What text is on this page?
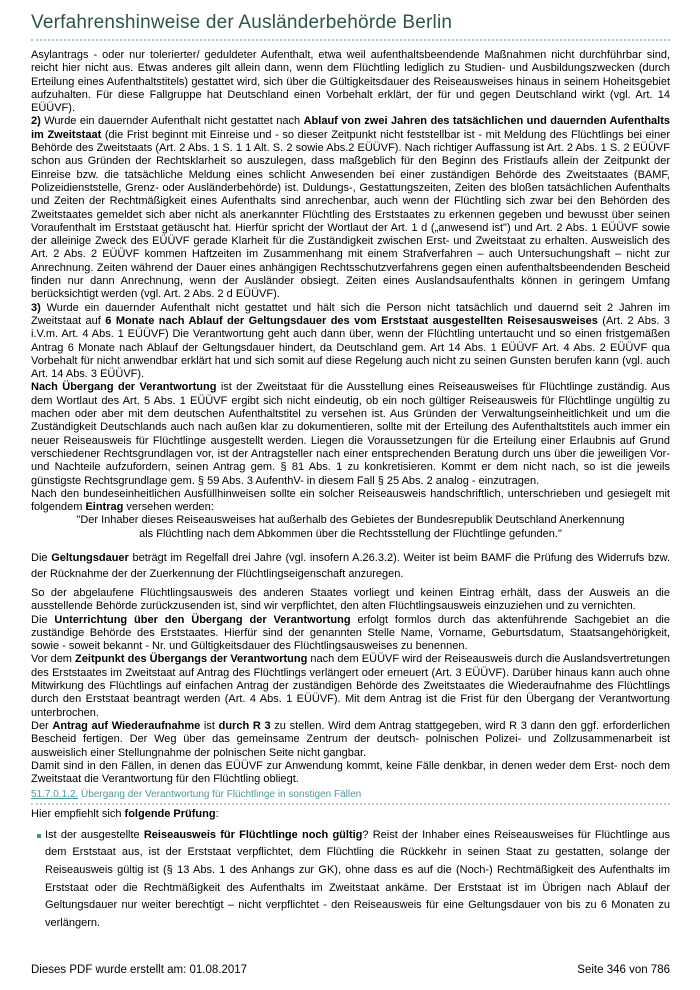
Verfahrenshinweise der Ausländerbehörde Berlin

Asylantrags - oder nur tolerierter/ geduldeter Aufenthalt, etwa weil aufenthaltsbeendende Maßnahmen nicht durchführbar sind, reicht hier nicht aus. Etwas anderes gilt allein dann, wenn dem Flüchtling lediglich zu Studien- und Ausbildungszwecken (durch Erteilung eines Aufenthaltstitels) gestattet wird, sich über die Gültigkeitsdauer des Reiseausweises hinaus in seinem Hoheitsgebiet aufzuhalten. Für diese Fallgruppe hat Deutschland einen Vorbehalt erklärt, der für und gegen Deutschland wirkt (vgl. Art. 14 EÜÜVF).

2) Wurde ein dauernder Aufenthalt nicht gestattet nach Ablauf von zwei Jahren des tatsächlichen und dauernden Aufenthalts im Zweitstaat (die Frist beginnt mit Einreise und - so dieser Zeitpunkt nicht feststellbar ist - mit Meldung des Flüchtlings bei einer Behörde des Zweitstaats (Art. 2 Abs. 1 S. 1 1 Alt. S. 2 sowie Abs.2 EÜÜVF). Nach richtiger Auffassung ist Art. 2 Abs. 1 S. 2 EÜÜVF schon aus Gründen der Rechtsklarheit so auszulegen, dass maßgeblich für den Beginn des Fristlaufs allein der Zeitpunkt der Einreise bzw. die tatsächliche Meldung eines schlicht Anwesenden bei einer zuständigen Behörde des Zweitstaates (BAMF, Polizeidienststelle, Grenz- oder Ausländerbehörde) ist. Duldungs-, Gestattungszeiten, Zeiten des bloßen tatsächlichen Aufenthalts und Zeiten der Rechtmäßigkeit eines Aufenthalts sind anrechenbar, auch wenn der Flüchtling sich zwar bei den Behörden des Zweitstaates gemeldet sich aber nicht als anerkannter Flüchtling des Erststaates zu erkennen gegeben und bewusst über seinen Voraufenthalt im Erststaat getäuscht hat. Hierfür spricht der Wortlaut der Art. 1 d („anwesend ist") und Art. 2 Abs. 1 EÜÜVF sowie der alleinige Zweck des EÜÜVF gerade Klarheit für die Zuständigkeit zwischen Erst- und Zweitstaat zu erhalten. Ausweislich des Art. 2 Abs. 2 EÜÜVF kommen Haftzeiten im Zusammenhang mit einem Strafverfahren – auch Untersuchungshaft – nicht zur Anrechnung. Zeiten während der Dauer eines anhängigen Rechtsschutzverfahrens gegen einen aufenthaltsbeendenden Bescheid finden nur dann Anrechnung, wenn der Ausländer obsiegt. Zeiten eines Auslandsaufenthalts können in geringem Umfang berücksichtigt werden (vgl. Art. 2 Abs. 2 d EÜÜVF).

3) Wurde ein dauernder Aufenthalt nicht gestattet und hält sich die Person nicht tatsächlich und dauernd seit 2 Jahren im Zweitstaat auf 6 Monate nach Ablauf der Geltungsdauer des vom Erststaat ausgestellten Reisesausweises (Art. 2 Abs. 3 i.V.m. Art. 4 Abs. 1 EÜÜVF) Die Verantwortung geht auch dann über, wenn der Flüchtling untertaucht und so einen fristgemäßen Antrag 6 Monate nach Ablauf der Geltungsdauer hindert, da Deutschland gem. Art 14 Abs. 1 EÜÜVF Art. 4 Abs. 2 EÜÜVF qua Vorbehalt für nicht anwendbar erklärt hat und sich somit auf diese Regelung auch nicht zu seinen Gunsten berufen kann (vgl. auch Art. 14 Abs. 3 EÜÜVF).

Nach Übergang der Verantwortung ist der Zweitstaat für die Ausstellung eines Reiseausweises für Flüchtlinge zuständig. Aus dem Wortlaut des Art. 5 Abs. 1 EÜÜVF ergibt sich nicht eindeutig, ob ein noch gültiger Reiseausweis für Flüchtlinge ungültig zu machen oder aber mit dem deutschen Aufenthaltstitel zu versehen ist. Aus Gründen der Verwaltungseinheitlichkeit und um die Zuständigkeit Deutschlands auch nach außen klar zu dokumentieren, sollte mit der Erteilung des Aufenthaltstitels auch immer ein neuer Reiseausweis für Flüchtlinge ausgestellt werden. Liegen die Voraussetzungen für die Erteilung einer Erlaubnis auf Grund verschiedener Rechtsgrundlagen vor, ist der Antragsteller nach einer entsprechenden Beratung durch uns über die jeweiligen Vor- und Nachteile aufzufordern, seinen Antrag gem. § 81 Abs. 1 zu konkretisieren. Kommt er dem nicht nach, so ist die jeweils günstigste Rechtsgrundlage gem. § 59 Abs. 3 AufenthV- in diesem Fall § 25 Abs. 2 analog - einzutragen.

Nach den bundeseinheitlichen Ausfüllhinweisen sollte ein solcher Reiseausweis handschriftlich, unterschrieben und gesiegelt mit folgendem Eintrag versehen werden:

"Der Inhaber dieses Reiseausweises hat außerhalb des Gebietes der Bundesrepublik Deutschland Anerkennung als Flüchtling nach dem Abkommen über die Rechtsstellung der Flüchtlinge gefunden."

Die Geltungsdauer beträgt im Regelfall drei Jahre (vgl. insofern A.26.3.2). Weiter ist beim BAMF die Prüfung des Widerrufs bzw. der Rücknahme der der Zuerkennung der Flüchtlingseigenschaft anzuregen.

So der abgelaufene Flüchtlingsausweis des anderen Staates vorliegt und keinen Eintrag erhält, dass der Ausweis an die ausstellende Behörde zurückzusenden ist, sind wir verpflichtet, den alten Flüchtlingsausweis einzuziehen und zu vernichten.

Die Unterrichtung über den Übergang der Verantwortung erfolgt formlos durch das aktenführende Sachgebiet an die zuständige Behörde des Erststaates. Hierfür sind der genannten Stelle Name, Vorname, Geburtsdatum, Staatsangehörigkeit, sowie - soweit bekannt - Nr. und Gültigkeitsdauer des Flüchtlingsausweises zu benennen.

Vor dem Zeitpunkt des Übergangs der Verantwortung nach dem EÜÜVF wird der Reiseausweis durch die Auslandsvertretungen des Erststaates im Zweitstaat auf Antrag des Flüchtlings verlängert oder erneuert (Art. 3 EÜÜVF). Darüber hinaus kann auch ohne Mitwirkung des Flüchtlings auf einfachen Antrag der zuständigen Behörde des Zweitstaates die Wiederaufnahme des Flüchtlings durch den Erststaat beantragt werden (Art. 4 Abs. 1 EÜÜVF). Mit dem Antrag ist die Frist für den Übergang der Verantwortung unterbrochen.

Der Antrag auf Wiederaufnahme ist durch R 3 zu stellen. Wird dem Antrag stattgegeben, wird R 3 dann den ggf. erforderlichen Bescheid fertigen. Der Weg über das gemeinsame Zentrum der deutsch- polnischen Polizei- und Zollzusammenarbeit ist ausweislich einer Stellungnahme der polnischen Seite nicht gangbar.

Damit sind in den Fällen, in denen das EÜÜVF zur Anwendung kommt, keine Fälle denkbar, in denen weder dem Erst- noch dem Zweitstaat die Verantwortung für den Flüchtling obliegt.

51.7.0.1.2. Übergang der Verantwortung für Flüchtlinge in sonstigen Fällen

Hier empfiehlt sich folgende Prüfung:

Ist der ausgestellte Reiseausweis für Flüchtlinge noch gültig? Reist der Inhaber eines Reiseausweises für Flüchtlinge aus dem Erststaat aus, ist der Erststaat verpflichtet, dem Flüchtling die Rückkehr in seinen Staat zu gestatten, solange der Reiseausweis gültig ist (§ 13 Abs. 1 des Anhangs zur GK), ohne dass es auf die (Noch-) Rechtmäßigkeit des Aufenthalts im Erststaat oder die Rechtmäßigkeit des Aufenthalts im Zweitstaat ankäme. Der Erststaat ist im Übrigen nach Ablauf der Geltungsdauer nur weiter berechtigt – nicht verpflichtet - den Reiseausweis für eine Geltungsdauer von bis zu 6 Monaten zu verlängern.

Dieses PDF wurde erstellt am: 01.08.2017	Seite 346 von 786
